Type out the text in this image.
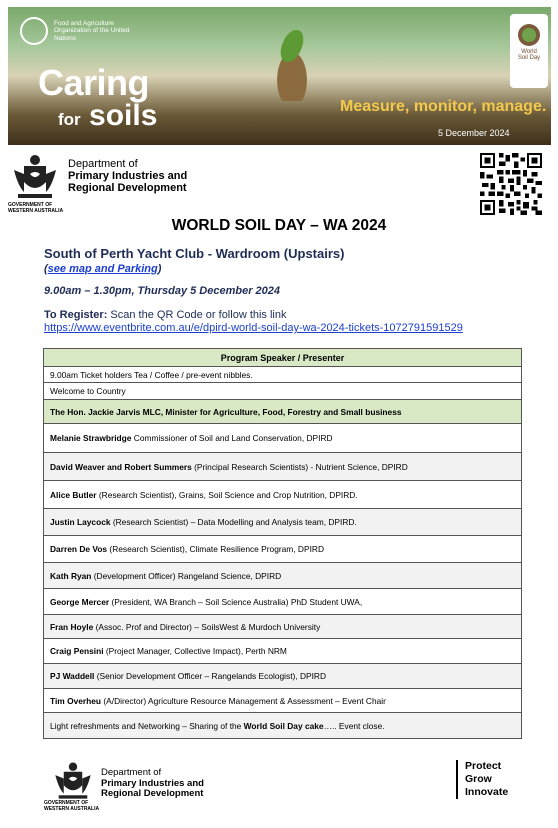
Food and Agriculture Organization of the United Nations
Caring
for soils	Measure, monitor, manage.
5 December 2024
World
Soil Day
GOVERNMENT OF
WESTERN AUSTRALIA
Department of
Primary Industries and
Regional Development
WORLD SOIL DAY – WA 2024
South of Perth Yacht Club - Wardroom (Upstairs)
(see map and Parking)
9.00am – 1.30pm, Thursday 5 December 2024
To Register: Scan the QR Code or follow this link
https://www.eventbrite.com.au/e/dpird-world-soil-day-wa-2024-tickets-1072791591529
Program Speaker / Presenter
9.00am Ticket holders Tea / Coffee / pre-event nibbles.
Welcome to Country
The Hon. Jackie Jarvis MLC, Minister for Agriculture, Food, Forestry and Small business
Melanie Strawbridge Commissioner of Soil and Land Conservation, DPIRD
David Weaver and Robert Summers (Principal Research Scientists) - Nutrient Science, DPIRD
Alice Butler (Research Scientist), Grains, Soil Science and Crop Nutrition, DPIRD.
Justin Laycock (Research Scientist) – Data Modelling and Analysis team, DPIRD.
Darren De Vos (Research Scientist), Climate Resilience Program, DPIRD
Kath Ryan (Development Officer) Rangeland Science, DPIRD
George Mercer (President, WA Branch – Soil Science Australia) PhD Student UWA,
Fran Hoyle (Assoc. Prof and Director) – SoilsWest & Murdoch University
Craig Pensini (Project Manager, Collective Impact), Perth NRM
PJ Waddell (Senior Development Officer – Rangelands Ecologist), DPIRD
Tim Overheu (A/Director) Agriculture Resource Management & Assessment – Event Chair
Light refreshments and Networking – Sharing of the World Soil Day cake….. Event close.
GOVERNMENT OF
WESTERN AUSTRALIA
Department of
Primary Industries and
Regional Development
Protect
Grow
Innovate
